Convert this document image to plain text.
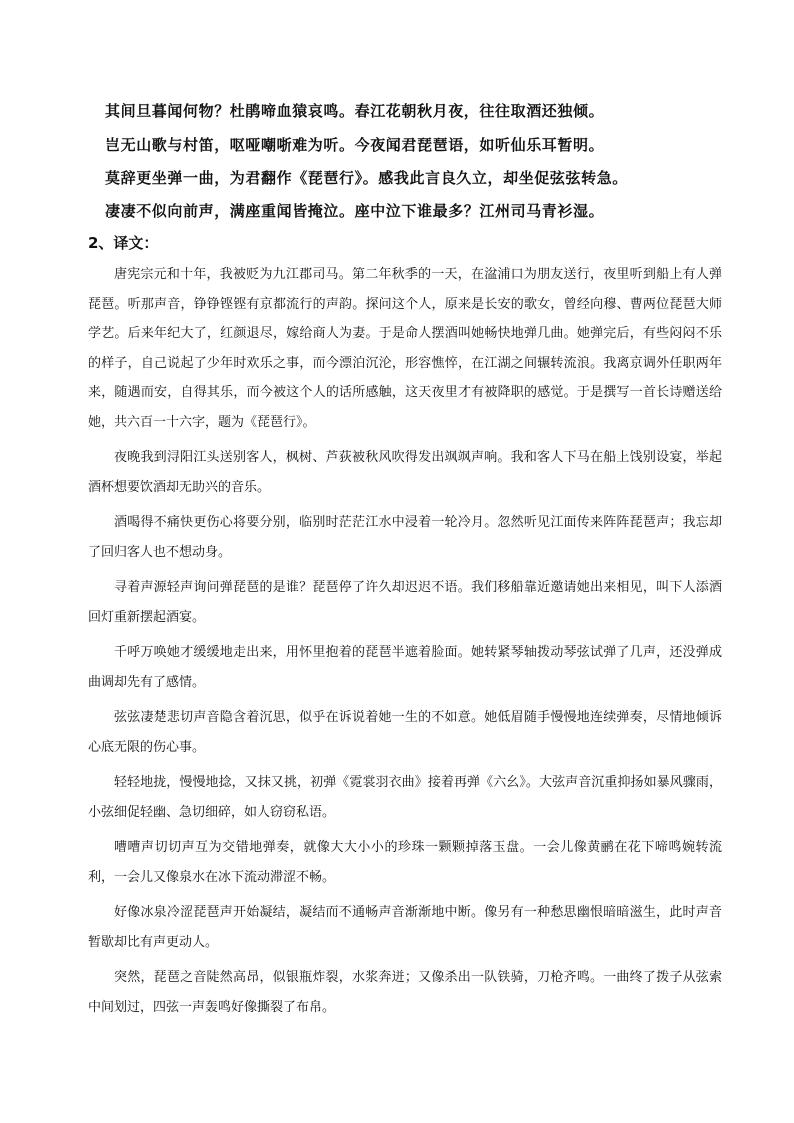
其间旦暮闻何物？杜鹃啼血猿哀鸣。春江花朝秋月夜，往往取酒还独倾。
岂无山歌与村笛，呕哑嘲哳难为听。今夜闻君琵琶语，如听仙乐耳暂明。
莫辞更坐弹一曲，为君翻作《琵琶行》。感我此言良久立，却坐促弦弦转急。
凄凄不似向前声，满座重闻皆掩泣。座中泣下谁最多？江州司马青衫湿。
2、译文：

唐宪宗元和十年，我被贬为九江郡司马。第二年秋季的一天，在湓浦口为朋友送行，夜里听到船上有人弹琵琶。听那声音，铮铮铿铿有京都流行的声韵。探问这个人，原来是长安的歌女，曾经向穆、曹两位琵琶大师学艺。后来年纪大了，红颜退尽，嫁给商人为妻。于是命人摆酒叫她畅快地弹几曲。她弹完后，有些闷闷不乐的样子，自己说起了少年时欢乐之事，而今漂泊沉沦，形容憔悴，在江湖之间辗转流浪。我离京调外任职两年来，随遇而安，自得其乐，而今被这个人的话所感触，这天夜里才有被降职的感觉。于是撰写一首长诗赠送给她，共六百一十六字，题为《琵琶行》。

夜晚我到浔阳江头送别客人，枫树、芦荻被秋风吹得发出飒飒声响。我和客人下马在船上饯别设宴，举起酒杯想要饮酒却无助兴的音乐。

酒喝得不痛快更伤心将要分别，临别时茫茫江水中浸着一轮冷月。忽然听见江面传来阵阵琵琶声；我忘却了回归客人也不想动身。

寻着声源轻声询问弹琵琶的是谁？琵琶停了许久却迟迟不语。我们移船靠近邀请她出来相见，叫下人添酒回灯重新摆起酒宴。

千呼万唤她才缓缓地走出来，用怀里抱着的琵琶半遮着脸面。她转紧琴轴拨动琴弦试弹了几声，还没弹成曲调却先有了感情。

弦弦凄楚悲切声音隐含着沉思，似乎在诉说着她一生的不如意。她低眉随手慢慢地连续弹奏，尽情地倾诉心底无限的伤心事。

轻轻地拢，慢慢地捻，又抹又挑，初弹《霓裳羽衣曲》接着再弹《六幺》。大弦声音沉重抑扬如暴风骤雨，小弦细促轻幽、急切细碎，如人窃窃私语。

嘈嘈声切切声互为交错地弹奏，就像大大小小的珍珠一颗颗掉落玉盘。一会儿像黄鹂在花下啼鸣婉转流利，一会儿又像泉水在冰下流动滞涩不畅。

好像冰泉冷涩琵琶声开始凝结，凝结而不通畅声音渐渐地中断。像另有一种愁思幽恨暗暗滋生，此时声音暂歇却比有声更动人。

突然，琵琶之音陡然高昂，似银瓶炸裂，水浆奔迸；又像杀出一队铁骑，刀枪齐鸣。一曲终了拨子从弦索中间划过，四弦一声轰鸣好像撕裂了布帛。
